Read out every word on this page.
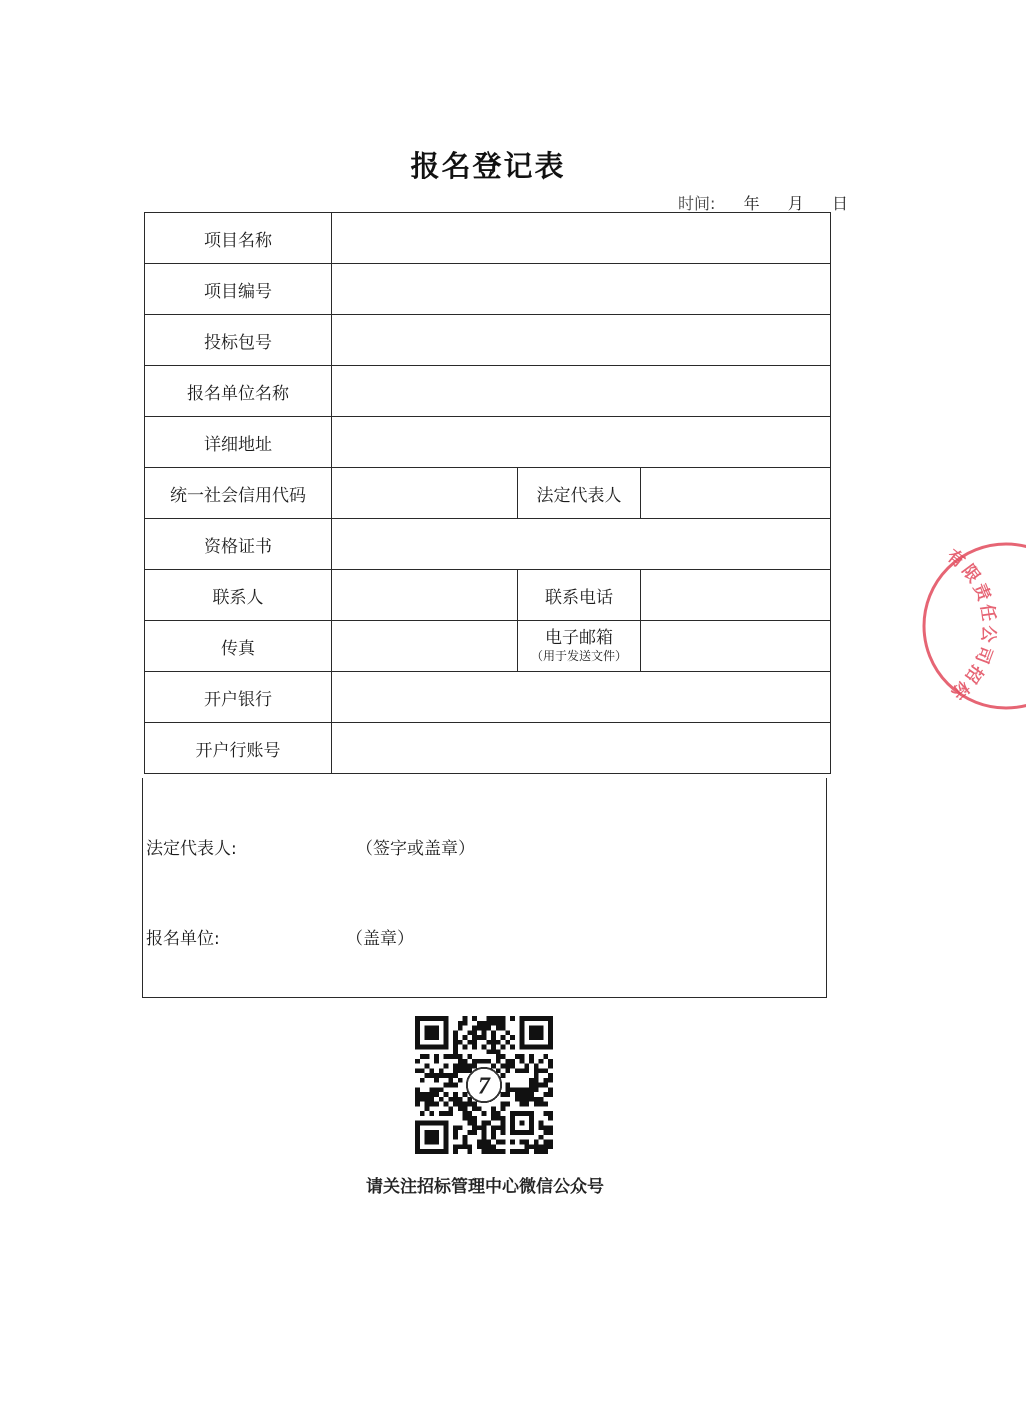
报名登记表
时间: 年 月 日
项目名称			
项目编号			
投标包号			
报名单位名称			
详细地址			
统一社会信用代码		法定代表人	
资格证书			
联系人		联系电话	
传真		电子邮箱
（用于发送文件）	

开户银行			
开户行账号			
法定代表人:	（签字或盖章）
报名单位:	（盖章）
7
请关注招标管理中心微信公众号
有限责任公司招标
